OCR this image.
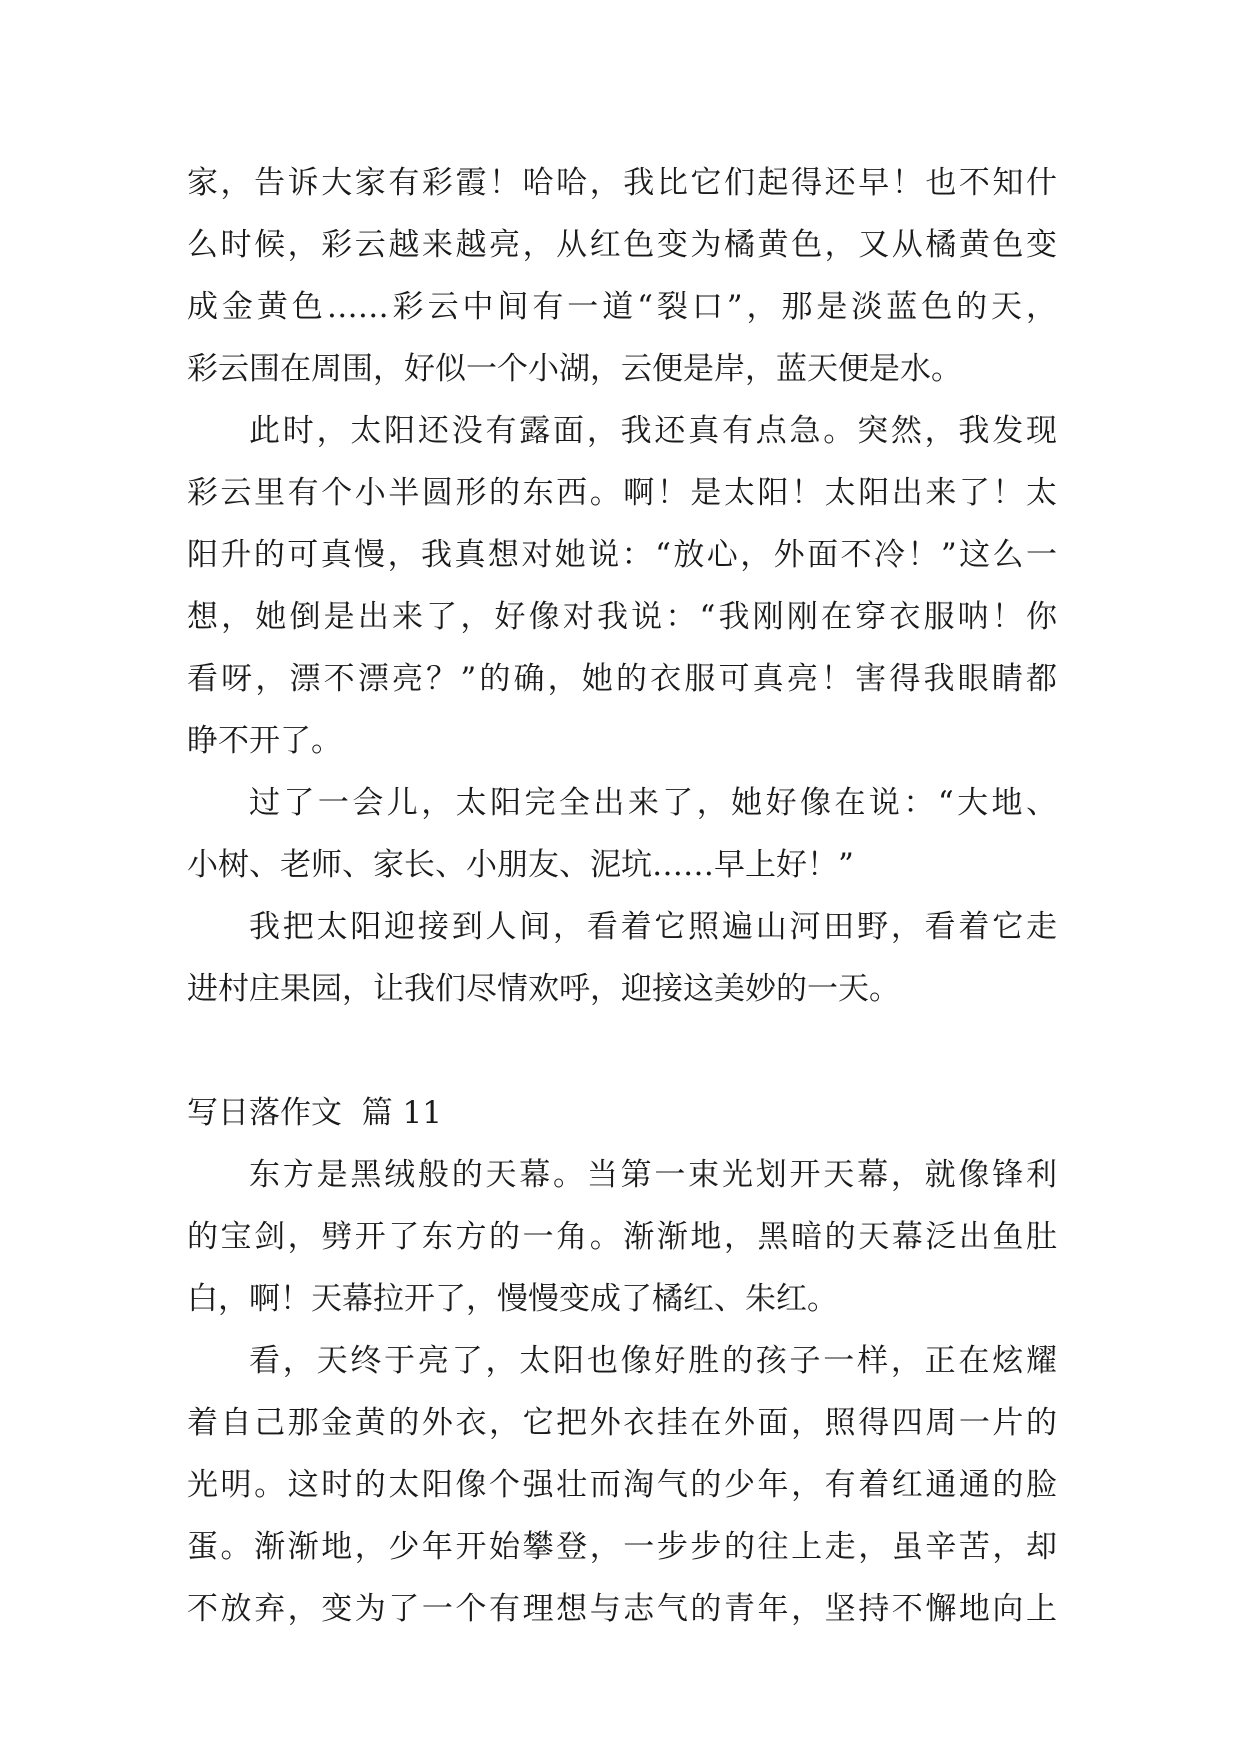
家，告诉大家有彩霞！哈哈，我比它们起得还早！也不知什
么时候，彩云越来越亮，从红色变为橘黄色，又从橘黄色变
成金黄色……彩云中间有一道“裂口”，那是淡蓝色的天，
彩云围在周围，好似一个小湖，云便是岸，蓝天便是水。
此时，太阳还没有露面，我还真有点急。突然，我发现
彩云里有个小半圆形的东西。啊！是太阳！太阳出来了！太
阳升的可真慢，我真想对她说：“放心，外面不冷！”这么一
想，她倒是出来了，好像对我说：“我刚刚在穿衣服呐！你
看呀，漂不漂亮？”的确，她的衣服可真亮！害得我眼睛都
睁不开了。
过了一会儿，太阳完全出来了，她好像在说：“大地、
小树、老师、家长、小朋友、泥坑……早上好！”
我把太阳迎接到人间，看着它照遍山河田野，看着它走
进村庄果园，让我们尽情欢呼，迎接这美妙的一天。
写日落作文  篇 11
东方是黑绒般的天幕。当第一束光划开天幕，就像锋利
的宝剑，劈开了东方的一角。渐渐地，黑暗的天幕泛出鱼肚
白，啊！天幕拉开了，慢慢变成了橘红、朱红。
看，天终于亮了，太阳也像好胜的孩子一样，正在炫耀
着自己那金黄的外衣，它把外衣挂在外面，照得四周一片的
光明。这时的太阳像个强壮而淘气的少年，有着红通通的脸
蛋。渐渐地，少年开始攀登，一步步的往上走，虽辛苦，却
不放弃，变为了一个有理想与志气的青年，坚持不懈地向上
